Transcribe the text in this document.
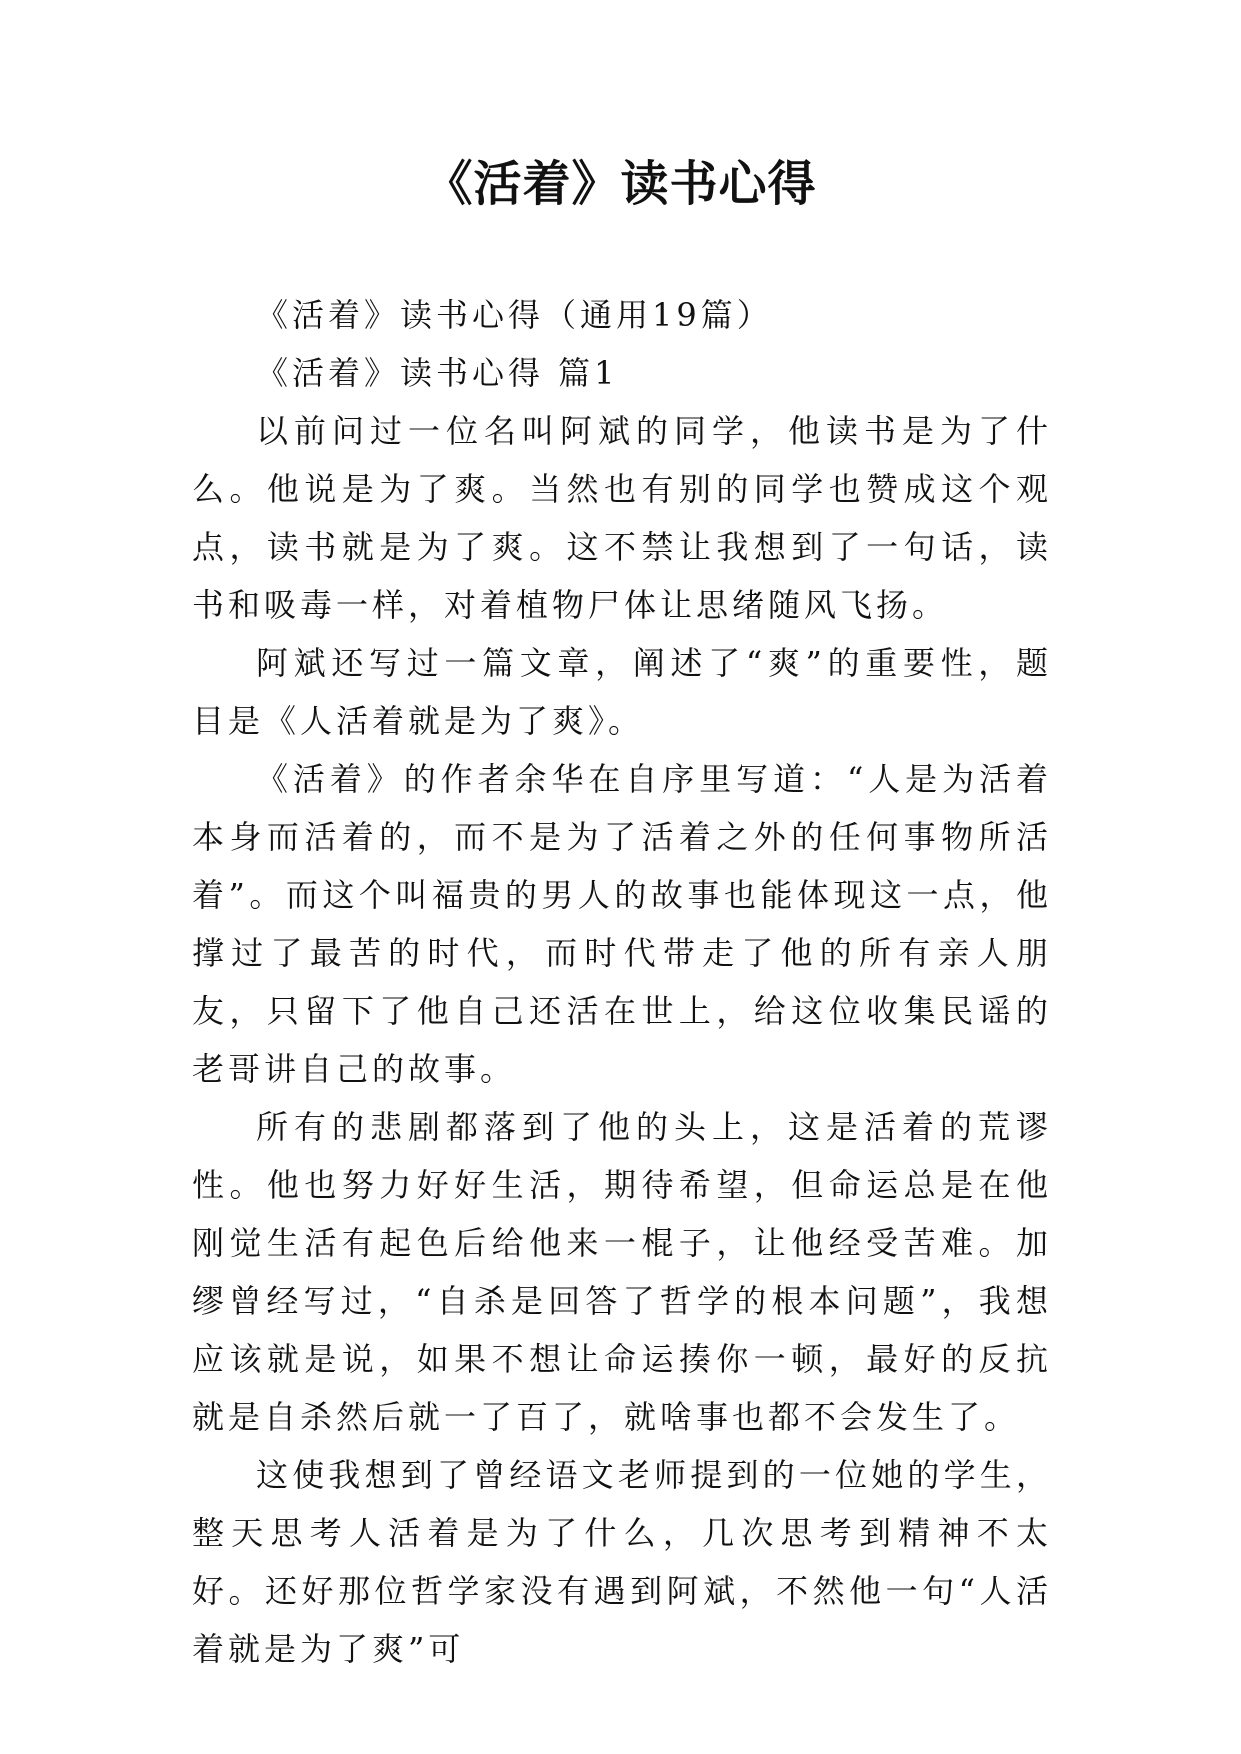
《活着》读书心得

《活着》读书心得（通用19篇）

《活着》读书心得 篇1

以前问过一位名叫阿斌的同学，他读书是为了什么。他说是为了爽。当然也有别的同学也赞成这个观点，读书就是为了爽。这不禁让我想到了一句话，读书和吸毒一样，对着植物尸体让思绪随风飞扬。

阿斌还写过一篇文章，阐述了“爽”的重要性，题目是《人活着就是为了爽》。

《活着》的作者余华在自序里写道：“人是为活着本身而活着的，而不是为了活着之外的任何事物所活着”。而这个叫福贵的男人的故事也能体现这一点，他撑过了最苦的时代，而时代带走了他的所有亲人朋友，只留下了他自己还活在世上，给这位收集民谣的老哥讲自己的故事。

所有的悲剧都落到了他的头上，这是活着的荒谬性。他也努力好好生活，期待希望，但命运总是在他刚觉生活有起色后给他来一棍子，让他经受苦难。加缪曾经写过，“自杀是回答了哲学的根本问题”，我想应该就是说，如果不想让命运揍你一顿，最好的反抗就是自杀然后就一了百了，就啥事也都不会发生了。

这使我想到了曾经语文老师提到的一位她的学生，整天思考人活着是为了什么，几次思考到精神不太好。还好那位哲学家没有遇到阿斌，不然他一句“人活着就是为了爽”可
